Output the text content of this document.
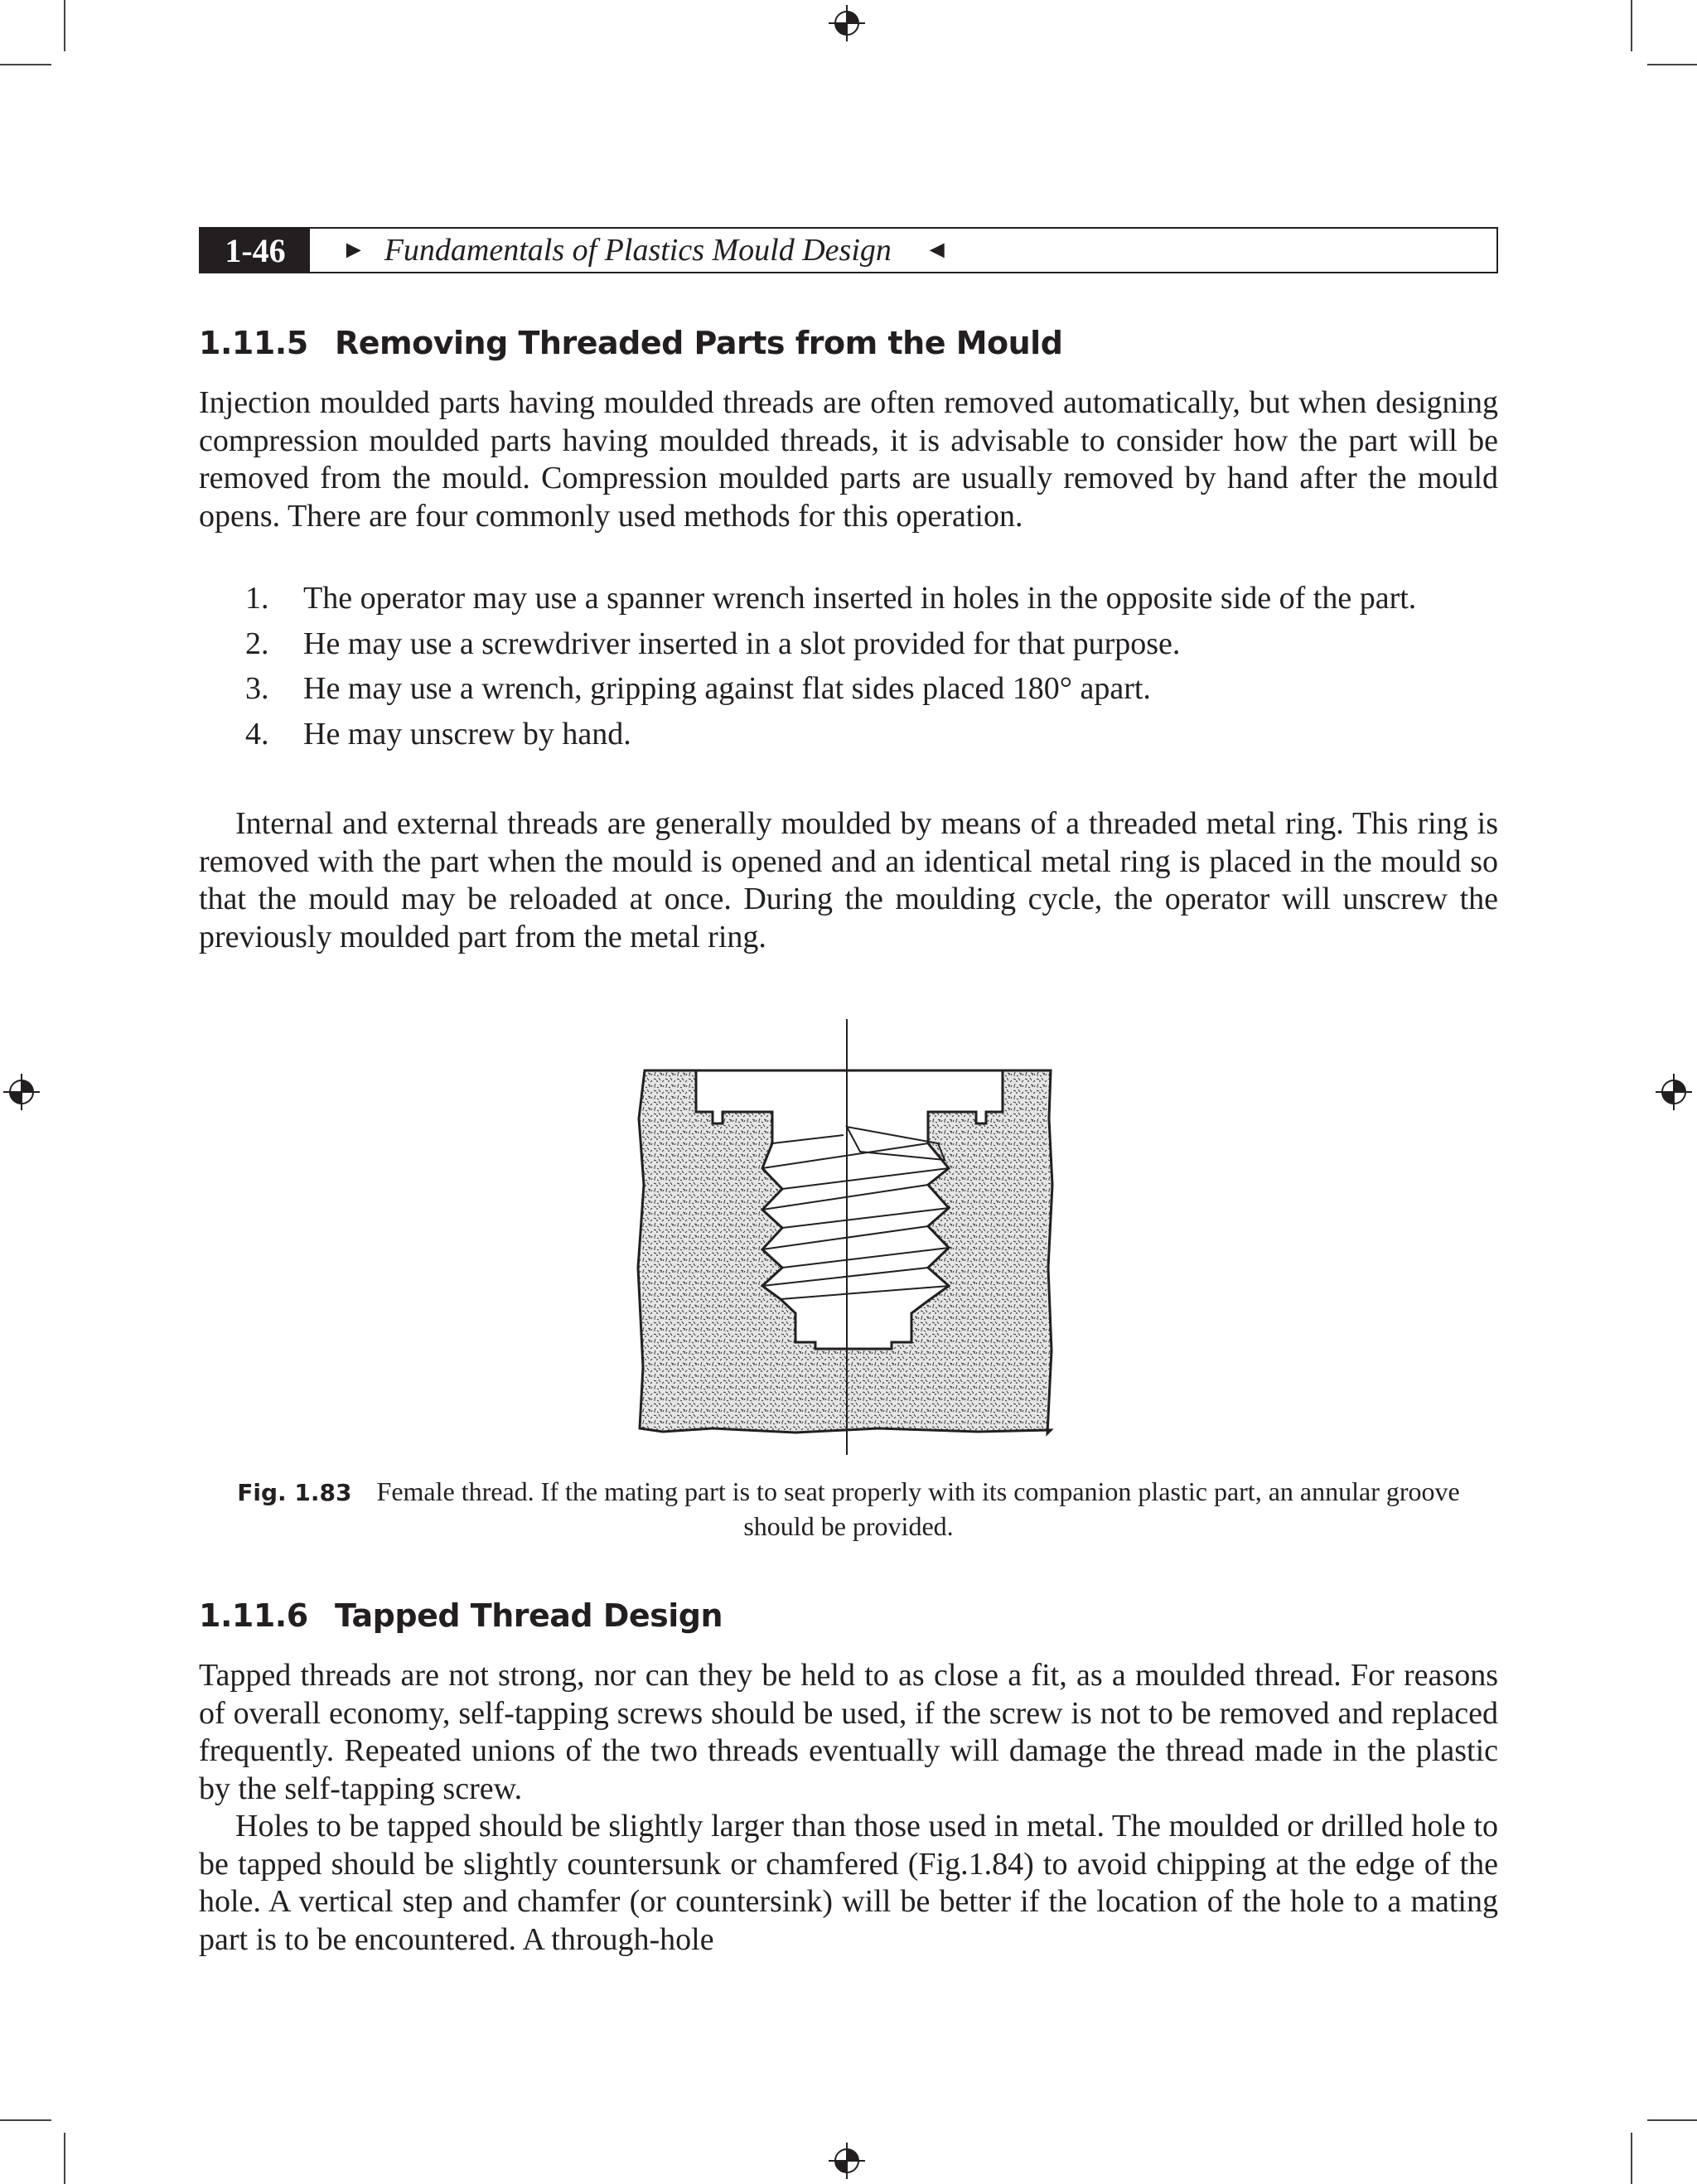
1-46	► Fundamentals of Plastics Mould Design ◄
1.11.5 Removing Threaded Parts from the Mould

Injection moulded parts having moulded threads are often removed automatically, but when designing compression moulded parts having moulded threads, it is advisable to consider how the part will be removed from the mould. Compression moulded parts are usually removed by hand after the mould opens. There are four commonly used methods for this operation.

1. The operator may use a spanner wrench inserted in holes in the opposite side of the part.
2. He may use a screwdriver inserted in a slot provided for that purpose.
3. He may use a wrench, gripping against flat sides placed 180° apart.
4. He may unscrew by hand.

Internal and external threads are generally moulded by means of a threaded metal ring. This ring is removed with the part when the mould is opened and an identical metal ring is placed in the mould so that the mould may be reloaded at once. During the moulding cycle, the operator will unscrew the previously moulded part from the metal ring.

Fig. 1.83 Female thread. If the mating part is to seat properly with its companion plastic part, an annular groove should be provided.

1.11.6 Tapped Thread Design

Tapped threads are not strong, nor can they be held to as close a fit, as a moulded thread. For reasons of overall economy, self-tapping screws should be used, if the screw is not to be removed and replaced frequently. Repeated unions of the two threads eventually will damage the thread made in the plastic by the self-tapping screw.

Holes to be tapped should be slightly larger than those used in metal. The moulded or drilled hole to be tapped should be slightly countersunk or chamfered (Fig.1.84) to avoid chipping at the edge of the hole. A vertical step and chamfer (or countersink) will be better if the location of the hole to a mating part is to be encountered. A through-hole
